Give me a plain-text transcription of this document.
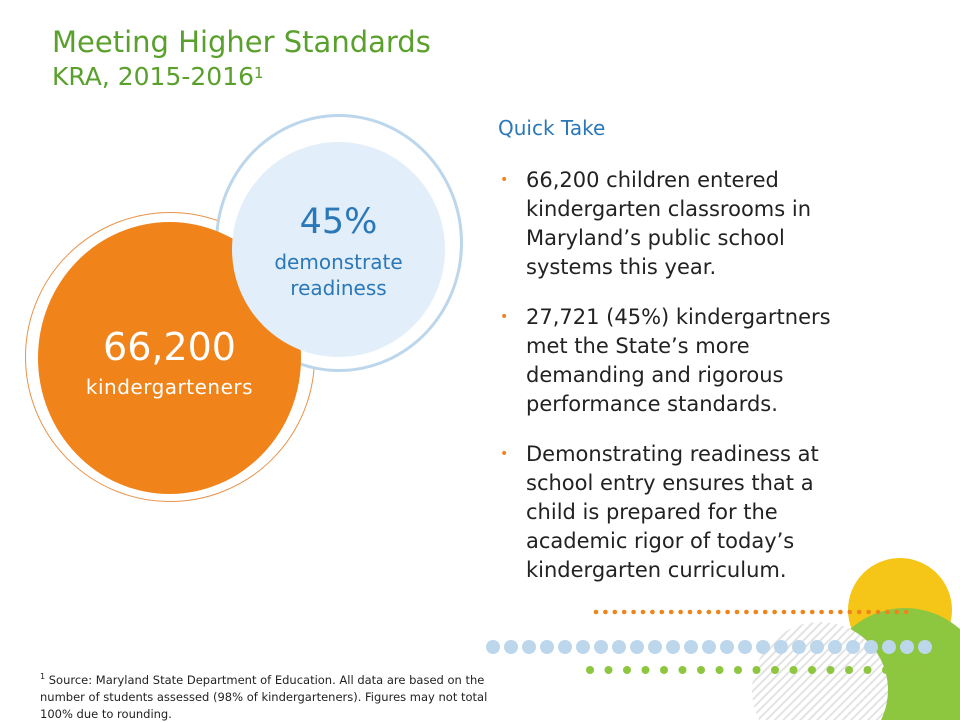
Meeting Higher Standards
KRA, 2015-2016$^1$
66,200
kindergarteners
45%
demonstrate
readiness
Quick Take
• 66,200 children entered
kindergarten classrooms in
Maryland’s public school
systems this year.
• 27,721 (45%) kindergartners
met the State’s more
demanding and rigorous
performance standards.
• Demonstrating readiness at
school entry ensures that a
child is prepared for the
academic rigor of today’s
kindergarten curriculum.
$^1$ Source: Maryland State Department of Education. All data are based on the
number of students assessed (98% of kindergarteners). Figures may not total
100% due to rounding.
